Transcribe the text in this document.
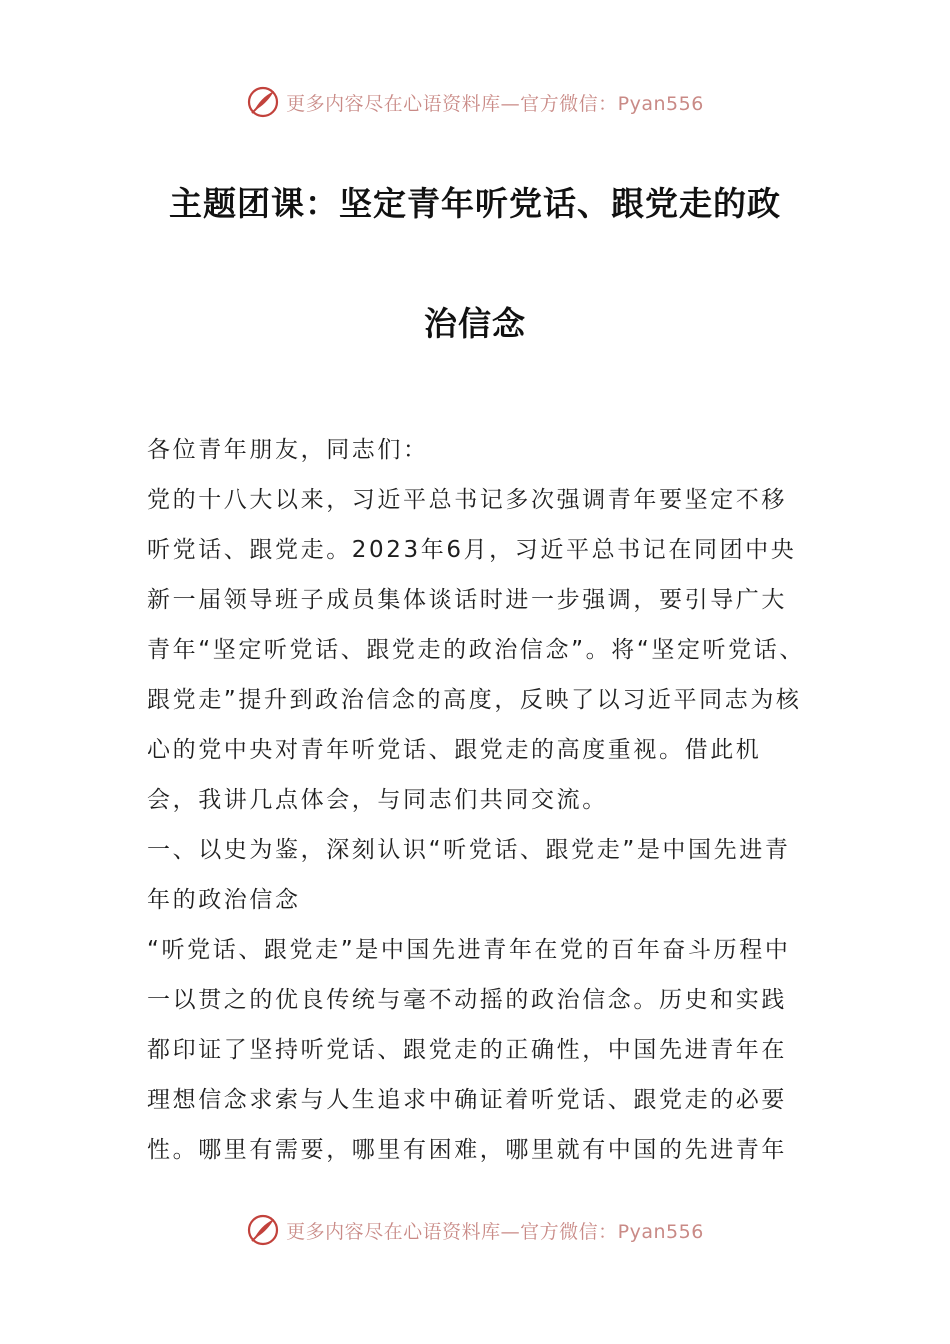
更多内容尽在心语资料库—官方微信：Pyan556
主题团课：坚定青年听党话、跟党走的政
治信念

各位青年朋友，同志们：

党的十八大以来，习近平总书记多次强调青年要坚定不移听党话、跟党走。2023年6月，习近平总书记在同团中央新一届领导班子成员集体谈话时进一步强调，要引导广大青年“坚定听党话、跟党走的政治信念”。将“坚定听党话、跟党走”提升到政治信念的高度，反映了以习近平同志为核心的党中央对青年听党话、跟党走的高度重视。借此机会，我讲几点体会，与同志们共同交流。

一、以史为鉴，深刻认识“听党话、跟党走”是中国先进青年的政治信念

“听党话、跟党走”是中国先进青年在党的百年奋斗历程中一以贯之的优良传统与毫不动摇的政治信念。历史和实践都印证了坚持听党话、跟党走的正确性，中国先进青年在理想信念求索与人生追求中确证着听党话、跟党走的必要性。哪里有需要，哪里有困难，哪里就有中国的先进青年

更多内容尽在心语资料库—官方微信：Pyan556
